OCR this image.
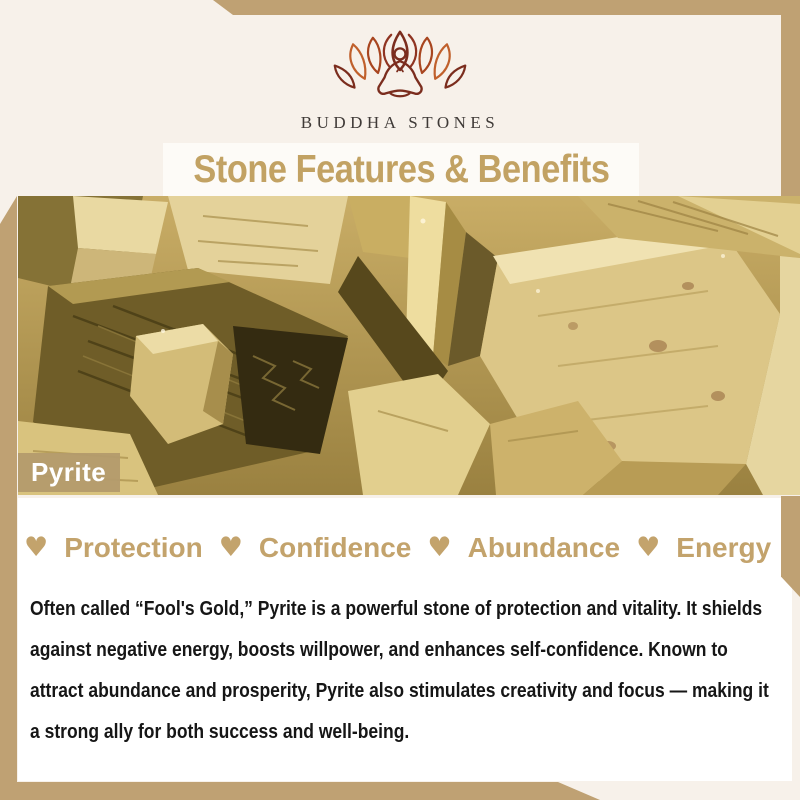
BUDDHA STONES
Stone Features & Benefits
Pyrite
♥Protection ♥ Confidence ♥ Abundance ♥ Energy♥
Often called “Fool's Gold,” Pyrite is a powerful stone of protection and vitality. It shields against negative energy, boosts willpower, and enhances self-confidence. Known to attract abundance and prosperity, Pyrite also stimulates creativity and focus — making it a strong ally for both success and well-being.
